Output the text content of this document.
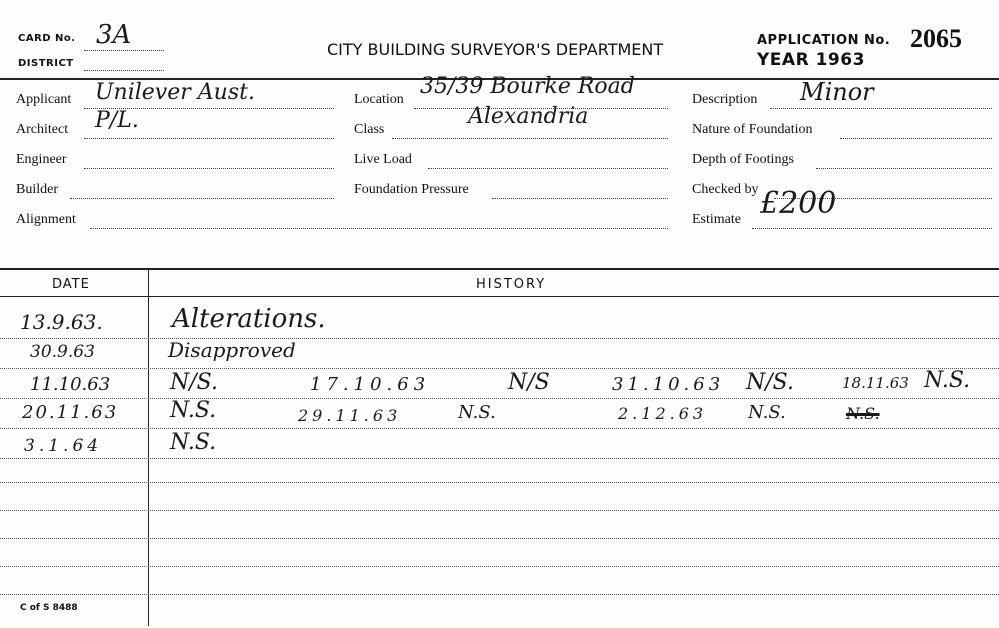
CARD No. 3A
DISTRICT
CITY BUILDING SURVEYOR'S DEPARTMENT	APPLICATION No. 2065
YEAR 1963
Applicant Unilever Aust.
Architect P/L.
Engineer
Builder
Alignment
Location
35/39 Bourke Road
Class
Alexandria
Live Load
Foundation Pressure
Description Minor
Nature of Foundation
Depth of Footings
Checked by
Estimate £200
DATE	HISTORY
13.9.63.	Alterations.
30.9.63	Disapproved
11.10.63	N/S.	17.10.63	N/S	31.10.63 N/S.	18.11.63 N.S.
20.11.63 N.S.	29.11.63	N.S.	2.12.63 N.S.	N.S.
3.1.64	N.S.
C of S 8488
